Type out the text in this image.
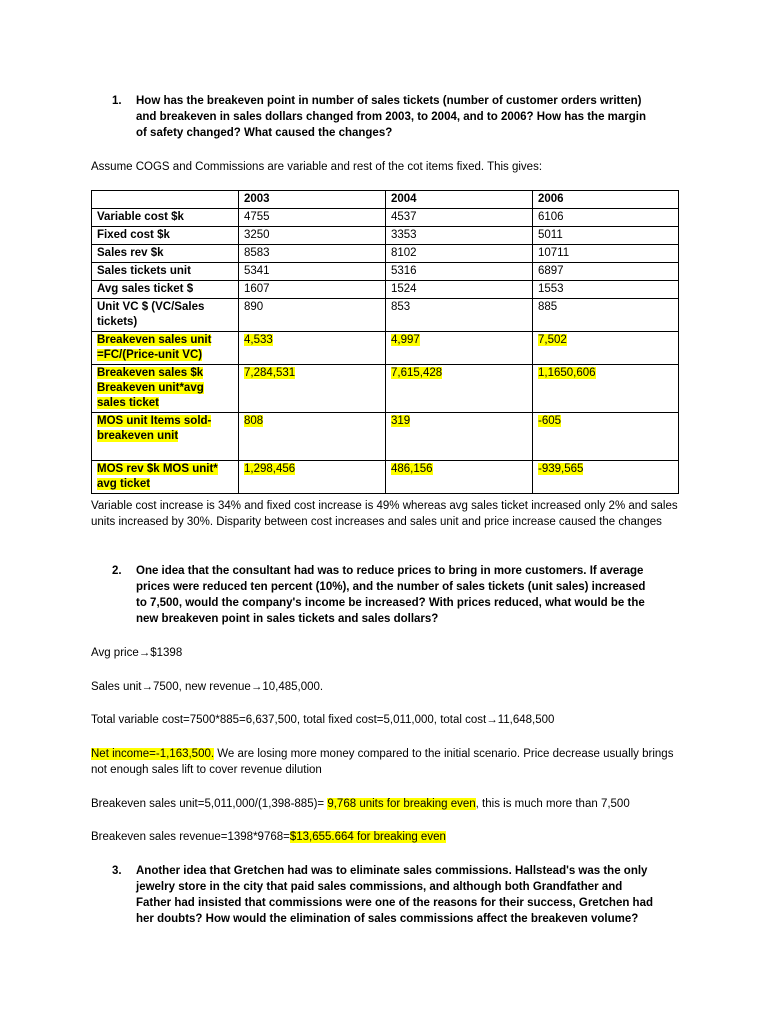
1.	How has the breakeven point in number of sales tickets (number of customer orders written) and breakeven in sales dollars changed from 2003, to 2004, and to 2006? How has the margin of safety changed? What caused the changes?
Assume COGS and Commissions are variable and rest of the cot items fixed. This gives:
	2003	2004	2006
Variable cost $k	4755	4537	6106
Fixed cost $k	3250	3353	5011
Sales rev $k	8583	8102	10711
Sales tickets unit	5341	5316	6897
Avg sales ticket $	1607	1524	1553
Unit VC $ (VC/Sales tickets)	890	853	885
Breakeven sales unit =FC/(Price-unit VC)	4,533	4,997	7,502
Breakeven sales $k Breakeven unit*avg sales ticket	7,284,531	7,615,428	1,1650,606
MOS unit Items sold-breakeven unit	808	319	-605
MOS rev $k MOS unit* avg ticket	1,298,456	486,156	-939,565
Variable cost increase is 34% and fixed cost increase is 49% whereas avg sales ticket increased only 2% and sales units increased by 30%. Disparity between cost increases and sales unit and price increase caused the changes
2.	One idea that the consultant had was to reduce prices to bring in more customers. If average prices were reduced ten percent (10%), and the number of sales tickets (unit sales) increased to 7,500, would the company's income be increased? With prices reduced, what would be the new breakeven point in sales tickets and sales dollars?
Avg price→$1398
Sales unit→7500, new revenue→10,485,000.
Total variable cost=7500*885=6,637,500, total fixed cost=5,011,000, total cost→11,648,500
Net income=-1,163,500. We are losing more money compared to the initial scenario. Price decrease usually brings not enough sales lift to cover revenue dilution
Breakeven sales unit=5,011,000/(1,398-885)= 9,768 units for breaking even, this is much more than 7,500
Breakeven sales revenue=1398*9768=$13,655.664 for breaking even
3.	Another idea that Gretchen had was to eliminate sales commissions. Hallstead's was the only jewelry store in the city that paid sales commissions, and although both Grandfather and Father had insisted that commissions were one of the reasons for their success, Gretchen had her doubts? How would the elimination of sales commissions affect the breakeven volume?
